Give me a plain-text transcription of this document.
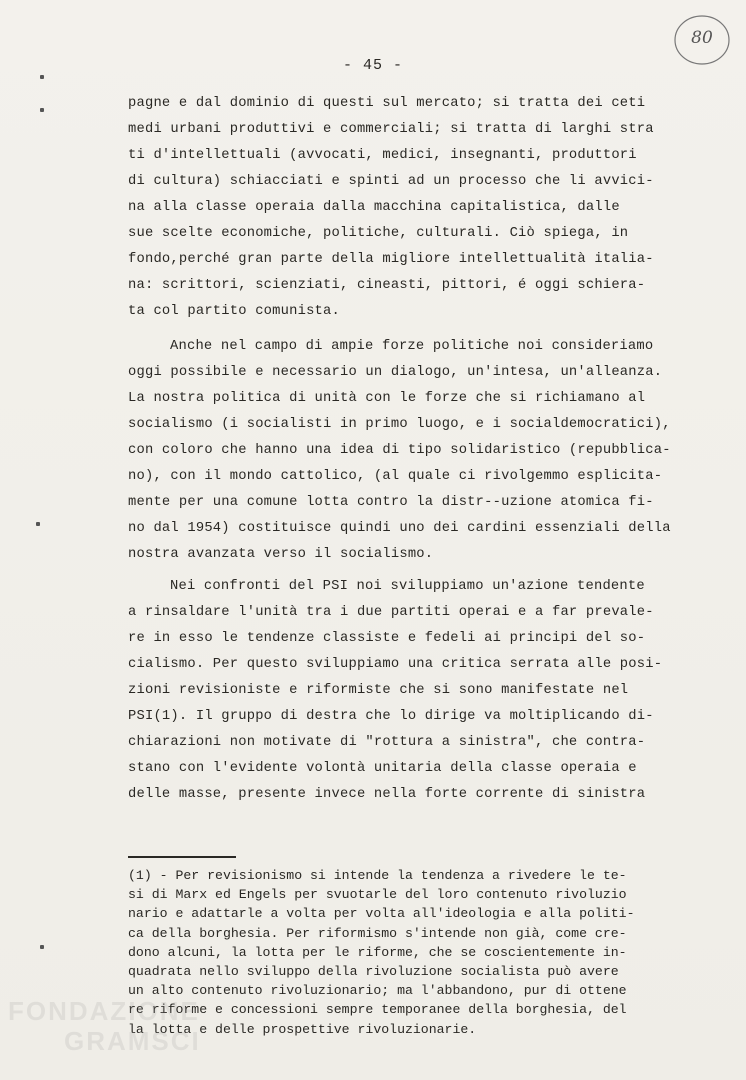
80
- 45 -
pagne e dal dominio di questi sul mercato; si tratta dei ceti
medi urbani produttivi e commerciali; si tratta di larghi stra
ti d'intellettuali (avvocati, medici, insegnanti, produttori
di cultura) schiacciati e spinti ad un processo che li avvici-
na alla classe operaia dalla macchina capitalistica, dalle
sue scelte economiche, politiche, culturali. Ciò spiega, in
fondo,perché gran parte della migliore intellettualità italia-
na: scrittori, scienziati, cineasti, pittori, é oggi schiera-
ta col partito comunista.
Anche nel campo di ampie forze politiche noi consideriamo
oggi possibile e necessario un dialogo, un'intesa, un'alleanza.
La nostra politica di unità con le forze che si richiamano al
socialismo (i socialisti in primo luogo, e i socialdemocratici),
con coloro che hanno una idea di tipo solidaristico (repubblica-
no), con il mondo cattolico, (al quale ci rivolgemmo esplicita-
mente per una comune lotta contro la distr--uzione atomica fi-
no dal 1954) costituisce quindi uno dei cardini essenziali della
nostra avanzata verso il socialismo.
Nei confronti del PSI noi sviluppiamo un'azione tendente
a rinsaldare l'unità tra i due partiti operai e a far prevale-
re in esso le tendenze classiste e fedeli ai principi del so-
cialismo. Per questo sviluppiamo una critica serrata alle posi-
zioni revisioniste e riformiste che si sono manifestate nel
PSI(1). Il gruppo di destra che lo dirige va moltiplicando di-
chiarazioni non motivate di "rottura a sinistra", che contra-
stano con l'evidente volontà unitaria della classe operaia e
delle masse, presente invece nella forte corrente di sinistra
(1) - Per revisionismo si intende la tendenza a rivedere le te-
si di Marx ed Engels per svuotarle del loro contenuto rivoluzio
nario e adattarle a volta per volta all'ideologia e alla politi-
ca della borghesia. Per riformismo s'intende non già, come cre-
dono alcuni, la lotta per le riforme, che se coscientemente in-
quadrata nello sviluppo della rivoluzione socialista può avere
un alto contenuto rivoluzionario; ma l'abbandono, pur di ottene
re riforme e concessioni sempre temporanee della borghesia, del
la lotta e delle prospettive rivoluzionarie.
FONDAZIONE
GRAMSCI
